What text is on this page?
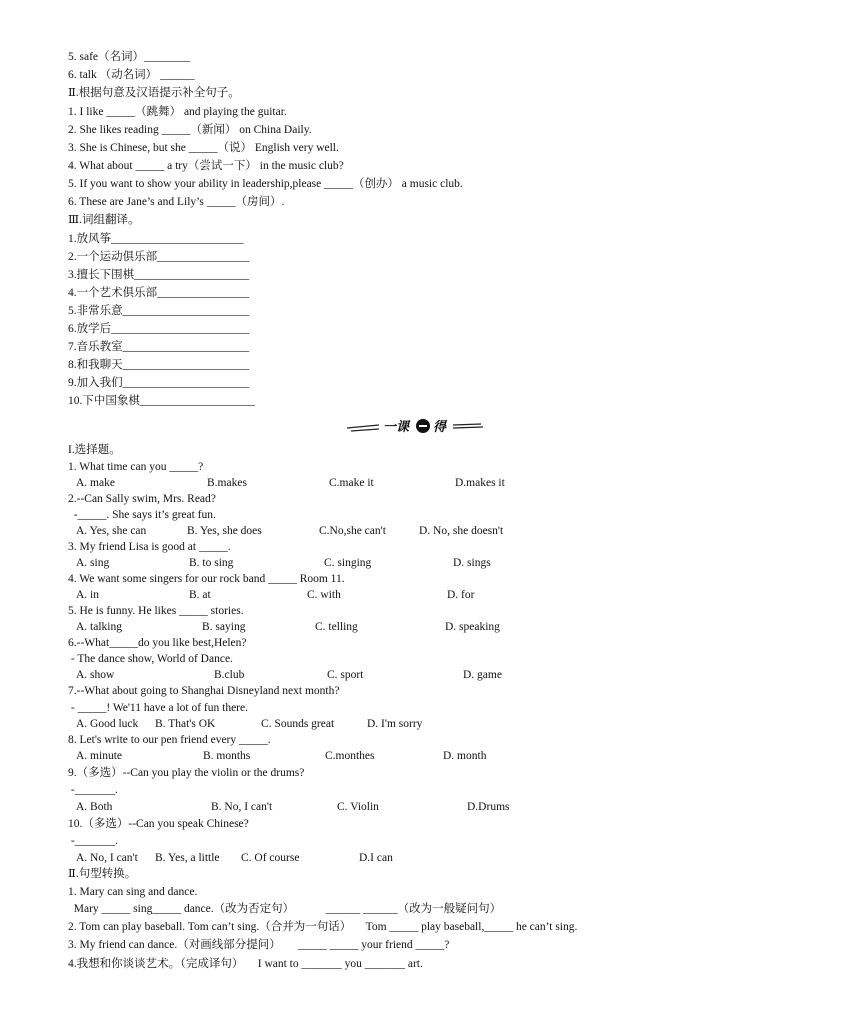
5. safe（名词）________
6. talk （动名词） ______
Ⅱ.根据句意及汉语提示补全句子。
1. I like _____（跳舞） and playing the guitar.
2. She likes reading _____（新闻） on China Daily.
3. She is Chinese, but she _____（说） English very well.
4. What about _____ a try（尝试一下） in the music club?
5. If you want to show your ability in leadership,please _____（创办） a music club.
6. These are Jane’s and Lily’s _____（房间）.
Ⅲ.词组翻译。
1.放风筝_______________________
2.一个运动俱乐部________________
3.擅长下围棋____________________
4.一个艺术俱乐部________________
5.非常乐意______________________
6.放学后________________________
7.音乐教室______________________
8.和我聊天______________________
9.加入我们______________________
10.下中国象棋____________________
一课 得
I.选择题。
1. What time can you _____?
A. make	B.makes	C.make it	D.makes it
2.--Can Sally swim, Mrs. Read?
-_____. She says it’s great fun.
A. Yes, she can	B. Yes, she does	C.No,she can't	D. No, she doesn't
3. My friend Lisa is good at _____.
A. sing	B. to sing	C. singing	D. sings
4. We want some singers for our rock band _____ Room 11.
A. in	B. at	C. with	D. for
5. He is funny. He likes _____ stories.
A. talking	B. saying	C. telling	D. speaking
6.--What_____do you like best,Helen?
- The dance show, World of Dance.
A. show	B.club	C. sport	D. game
7.--What about going to Shanghai Disneyland next month?
- _____! We'11 have a lot of fun there.
A. Good luck B. That's OK	C. Sounds great	D. I'm sorry
8. Let's write to our pen friend every _____.
A. minute	B. months	C.monthes	D. month
9.（多选）--Can you play the violin or the drums?
-_______.
A. Both	B. No, I can't	C. Violin	D.Drums
10.（多选）--Can you speak Chinese?
-_______.
A. No, I can't B. Yes, a little C. Of course	D.I can
Ⅱ.句型转换。
1. Mary can sing and dance.
Mary _____ sing_____ dance.（改为否定句）           ______ ______（改为一般疑问句）
2. Tom can play baseball. Tom can’t sing.（合并为一句话）     Tom _____ play baseball,_____ he can’t sing.
3. My friend can dance.（对画线部分提问）      _____ _____ your friend _____?
4.我想和你谈谈艺术。（完成译句）     I want to _______ you _______ art.
